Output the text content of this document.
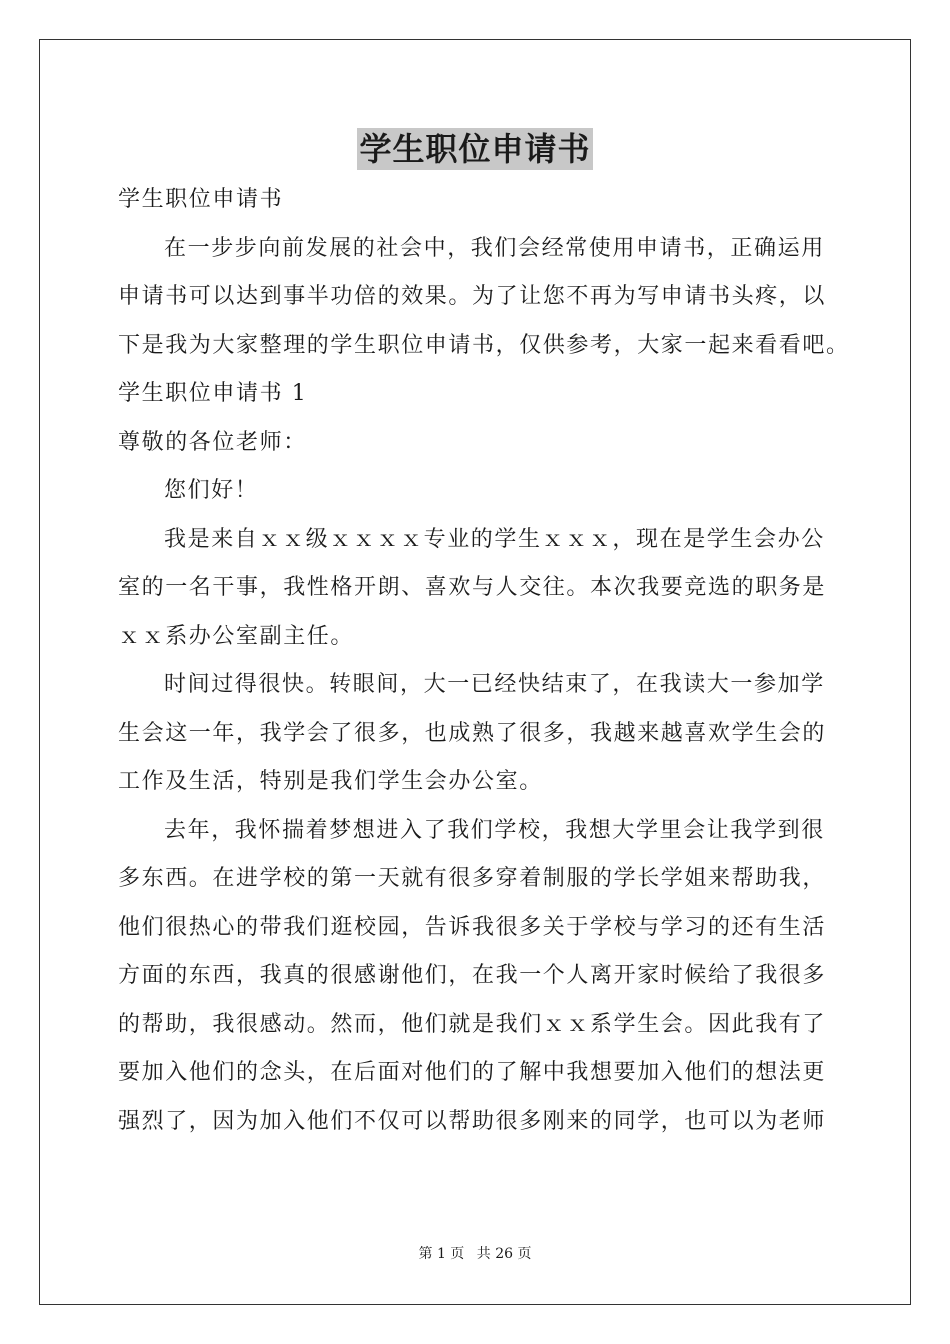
学生职位申请书

学生职位申请书

在一步步向前发展的社会中，我们会经常使用申请书，正确运用

申请书可以达到事半功倍的效果。为了让您不再为写申请书头疼，以

下是我为大家整理的学生职位申请书，仅供参考，大家一起来看看吧。

学生职位申请书 1

尊敬的各位老师：

您们好！

我是来自ｘｘ级ｘｘｘｘ专业的学生ｘｘｘ，现在是学生会办公

室的一名干事，我性格开朗、喜欢与人交往。本次我要竞选的职务是

ｘｘ系办公室副主任。

时间过得很快。转眼间，大一已经快结束了，在我读大一参加学

生会这一年，我学会了很多，也成熟了很多，我越来越喜欢学生会的

工作及生活，特别是我们学生会办公室。

去年，我怀揣着梦想进入了我们学校，我想大学里会让我学到很

多东西。在进学校的第一天就有很多穿着制服的学长学姐来帮助我，

他们很热心的带我们逛校园，告诉我很多关于学校与学习的还有生活

方面的东西，我真的很感谢他们，在我一个人离开家时候给了我很多

的帮助，我很感动。然而，他们就是我们ｘｘ系学生会。因此我有了

要加入他们的念头，在后面对他们的了解中我想要加入他们的想法更

强烈了，因为加入他们不仅可以帮助很多刚来的同学，也可以为老师

第 1 页 共 26 页
